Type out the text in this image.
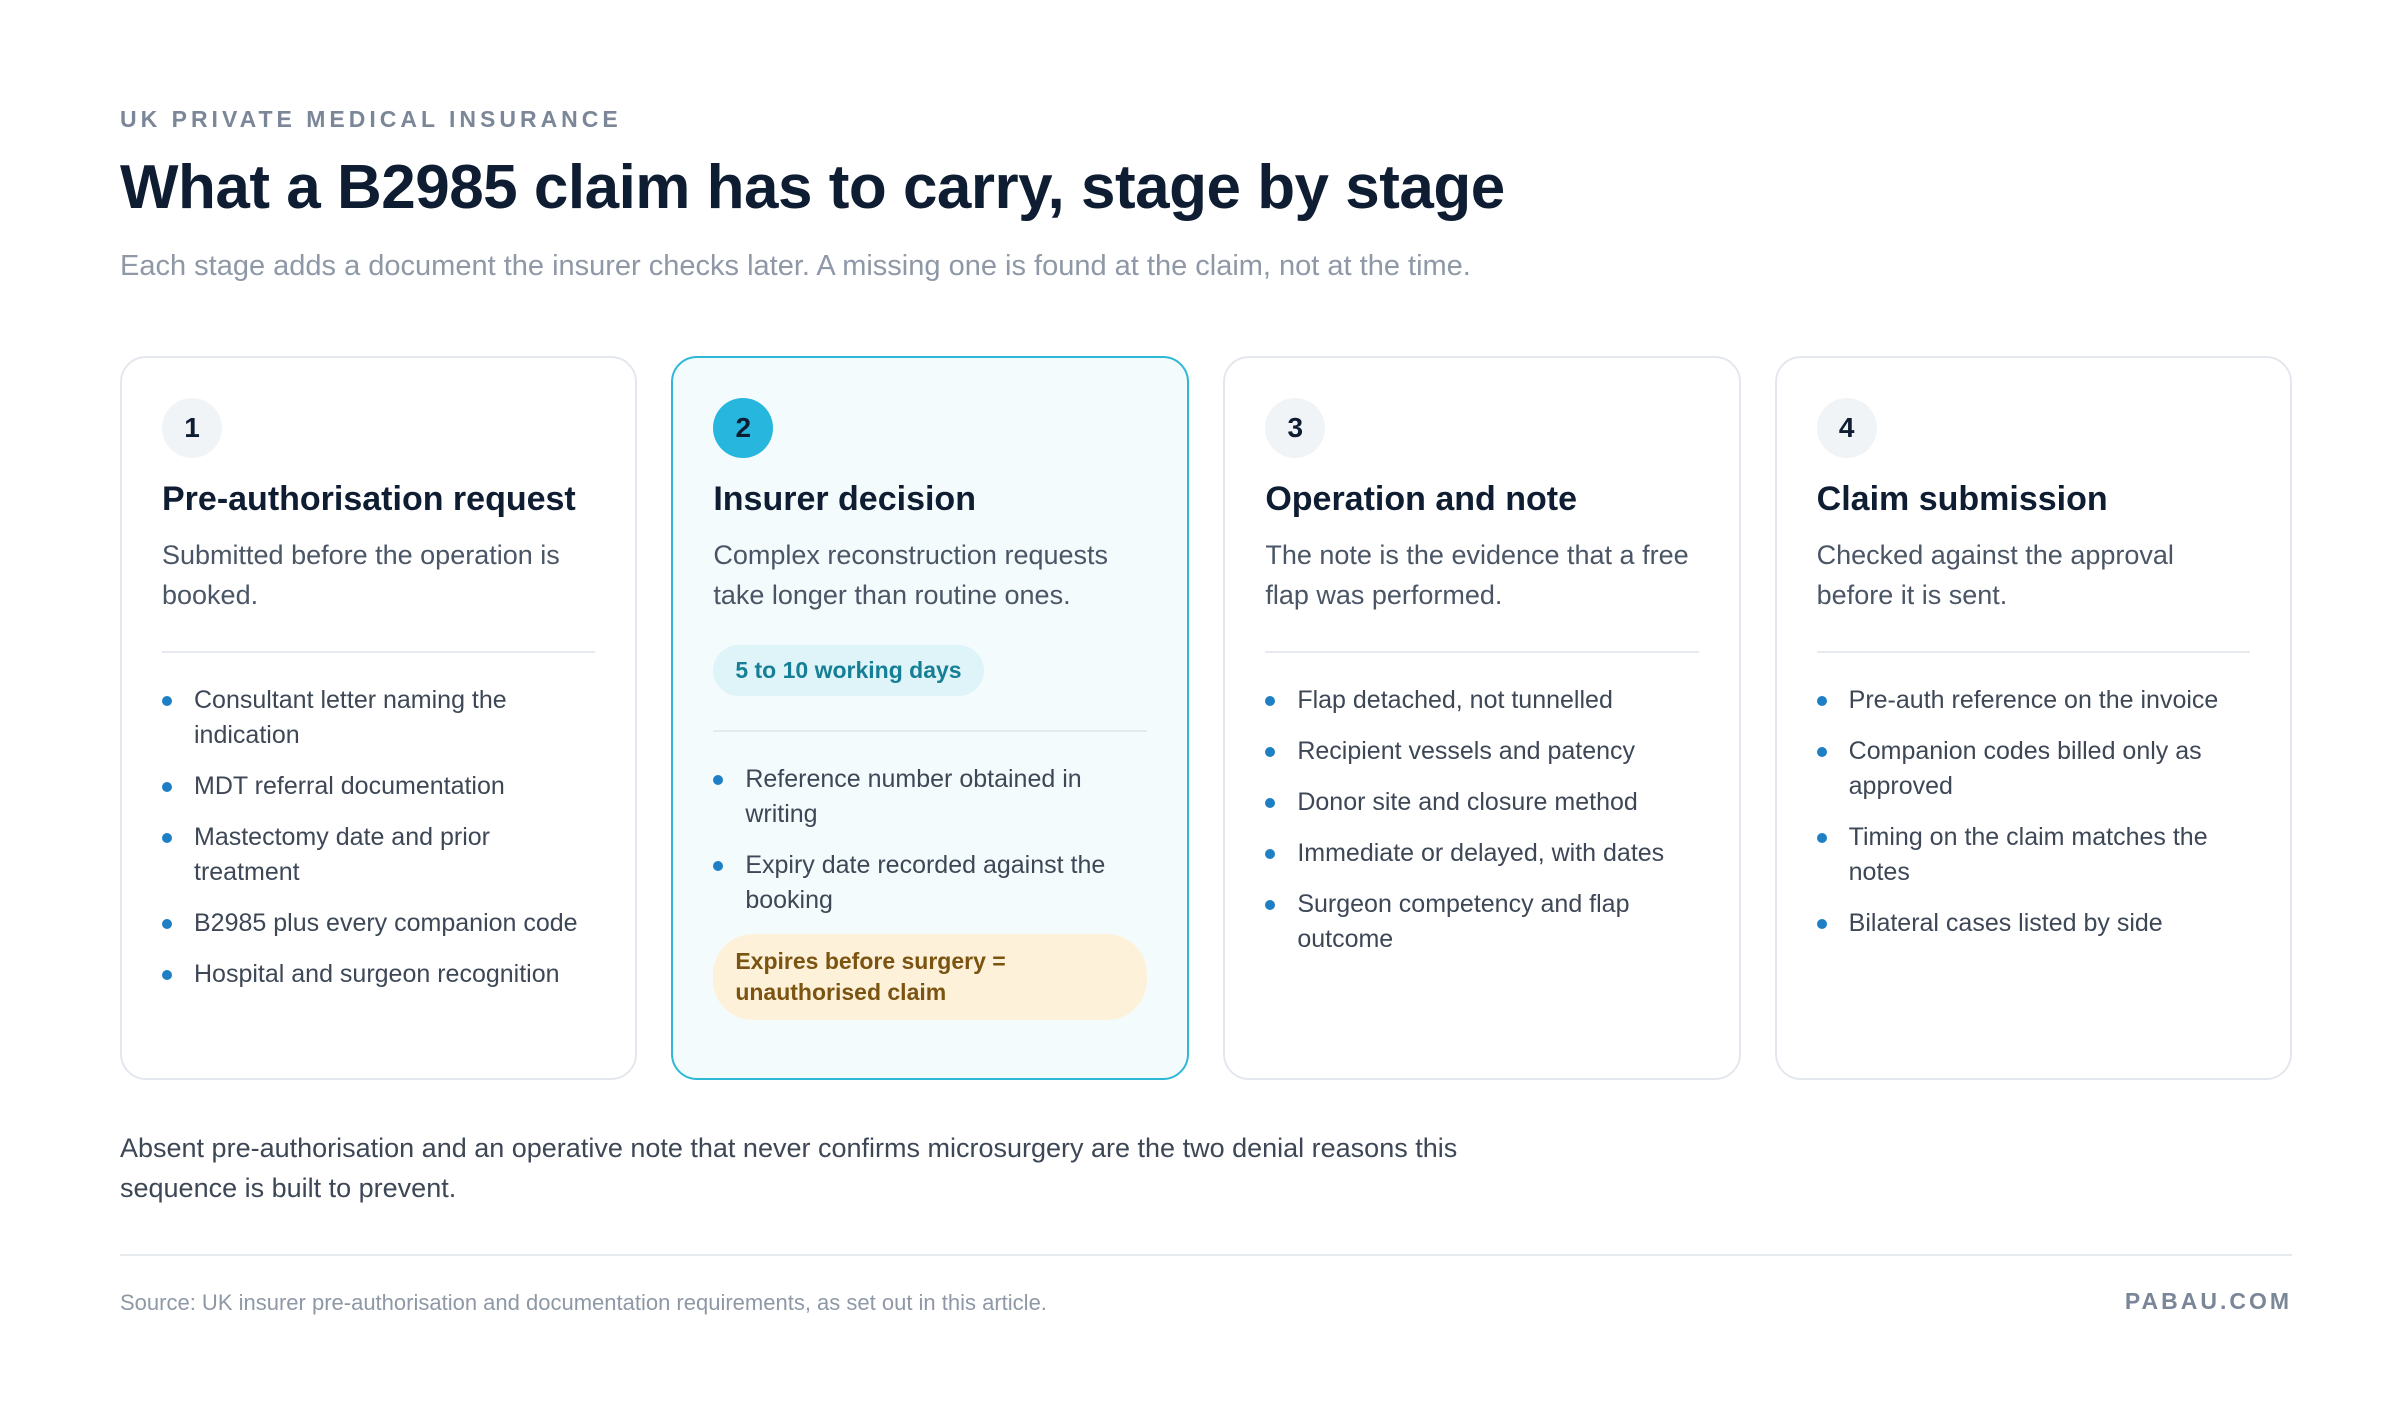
UK PRIVATE MEDICAL INSURANCE
What a B2985 claim has to carry, stage by stage

Each stage adds a document the insurer checks later. A missing one is found at the claim, not at the time.

1
Pre-authorisation request
Submitted before the operation is booked.
Consultant letter naming the indication
MDT referral documentation
Mastectomy date and prior treatment
B2985 plus every companion code
Hospital and surgeon recognition
2
Insurer decision
Complex reconstruction requests take longer than routine ones.
5 to 10 working days
Reference number obtained in writing
Expiry date recorded against the booking
Expires before surgery = unauthorised claim
3
Operation and note
The note is the evidence that a free flap was performed.
Flap detached, not tunnelled
Recipient vessels and patency
Donor site and closure method
Immediate or delayed, with dates
Surgeon competency and flap outcome
4
Claim submission
Checked against the approval before it is sent.
Pre-auth reference on the invoice
Companion codes billed only as approved
Timing on the claim matches the notes
Bilateral cases listed by side

Absent pre-authorisation and an operative note that never confirms microsurgery are the two denial reasons this sequence is built to prevent.

Source: UK insurer pre-authorisation and documentation requirements, as set out in this article.	PABAU.COM
